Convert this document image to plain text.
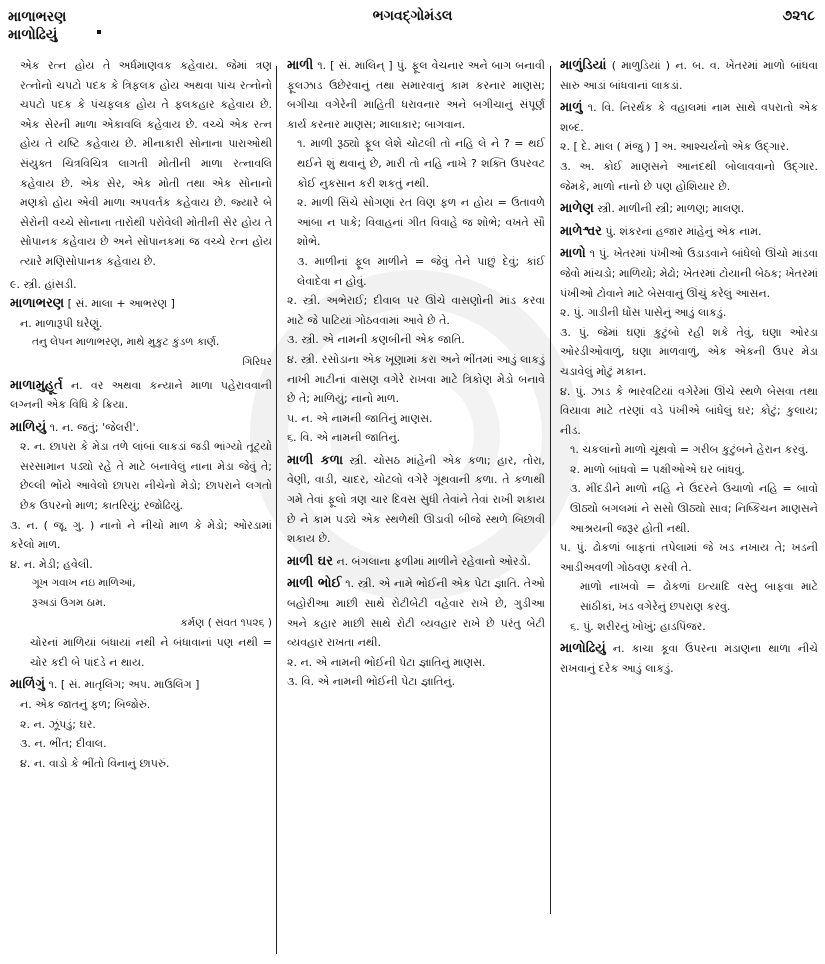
માળાભરણ
માળોઢિયું
ભગવદ્ગોમંડલ	૭૨૧૮

એક રત્ન હોય તે અર્ધમાણવક કહેવાય. જેમાં ત્રણ રત્નોનો ચપટો પદક કે ત્રિફલક હોય અથવા પાંચ રત્નોનો ચપટો પદક કે પંચફલક હોય તે ફલકહાર કહેવાય છે. એક સેરની માળા એકાવલિ કહેવાય છે. વચ્ચે એક રત્ન હોય તે યષ્ટિ કહેવાય છે. મીનાકારી સોનાના પારાઓથી સંયુક્ત ચિત્રવિચિત્ર લાગતી મોતીની માળા રત્નાવલિ કહેવાય છે. એક સેર, એક મોતી તથા એક સોનાનો મણકો હોય એવી માળા અપવર્તક કહેવાય છે. જ્યારે બે સેરોની વચ્ચે સોનાના તારોથી પરોવેલી મોતીની સેર હોય તે સોપાનક કહેવાય છે અને સોપાનકમાં જ વચ્ચે રત્ન હોય ત્યારે મણિસોપાનક કહેવાય છે.

૯. સ્ત્રી. હાંસડી.

માળાભરણ [ સં. માલા + આભરણ ]
ન. માળારૂપી ઘરેણું.
તનુ લેપન માળાભરણ, માથે મુકુટ કુંડળ કાર્ણ.

ગિરિધર

માળામુહૂર્ત ન. વર અથવા કન્યાને માળા પહેરાવવાની લગ્નની એક વિધિ કે ક્રિયા.
માળિયું ૧. ન. જતું; 'જેલરી'.

૨. ન. છાપરા કે મેડા તળે લાંબાં લાકડાં જડી ભાંગ્યો તૂટ્યો સરસામાન પડ્યો રહે તે માટે બનાવેલું નાના મેડા જેવું તે; છેલ્લી ભોંયે આવેલો છાપરા નીચેનો મેડો; છાપરાને લગતો છેક ઉપરનો માળ; કાતરિયું; રજોઢિયું.

૩. ન. ( જૂ. ગુ. ) નાનો ને નીચો માળ કે મેડો; ઓરડામાં કરેલો માળ.

૪. ન. મેડી; હવેલી.

ગૂખ ગવાખ નઇ માળિઆં,
રૂઅડાં ઉગમ ઠામ.

કર્મણ ( સંવત ૧૫૨૬ )

ચોરનાં માળિયાં બંધાયાં નથી ને બંધાવાનાં પણ નથી = ચોર કદી બે પાંદડે ન થાય.

માળિંગું ૧. [ સં. માતૃલિંગ; અપ. માઉલિંગ ]
ન. એક જાતનું ફળ; બિજોરું.
૨. ન. ઝૂંપડું; ઘર.
૩. ન. ભીંત; દીવાલ.
૪. ન. વાડો કે ભીંતો વિનાનું છાપરું.
માળી ૧. [ સં. માલિન્ ] પું. ફૂલ વેચનાર અને બાગ બનાવી ફૂલઝાડ ઉછેરવાનું તથા સમારવાનું કામ કરનાર માણસ; બગીચા વગેરેની માહિતી ધરાવનાર અને બગીચાનું સંપૂર્ણ કાર્ય કરનાર માણસ; માલાકાર; બાગવાન.

૧. માળી રૂઠ્યો ફૂલ લેશે ચોટલી તો નહિ લે ને ? = થઈ થઈને શું થવાનું છે, મારી તો નહિ નાખે ? શક્તિ ઉપરવટ કોઈ નુકસાન કરી શકતું નથી.

૨. માળી સિંચે સોગણાં રત વિણ ફળ ન હોય = ઉતાવળે આંબા ન પાકે; વિવાહનાં ગીત વિવાહે જ શોભે; વખતે સૌ શોભે.

૩. માળીનાં ફૂલ માળીને = જેવું તેને પાછું દેવું; કાંઈ લેવાદેવા ન હોવું.

૨. સ્ત્રી. અભેરાઈ; દીવાલ પર ઊંચે વાસણોની માંડ કરવા માટે જે પાટિયાં ગોઠવવામાં આવે છે તે.

૩. સ્ત્રી. એ નામની કણબીની એક જાતિ.

૪. સ્ત્રી. રસોડાના એક ખૂણામાં કરા અને ભીંતમાં આડું લાકડું નાખી માટીનાં વાસણ વગેરે રાખવા માટે ત્રિકોણ મેડો બનાવે છે તે; માળિયું; નાનો માળ.

૫. ન. એ નામની જાતિનું માણસ.

૬. વિ. એ નામની જાતિનું.

માળી કળા સ્ત્રી. ચોસઠ માંહેની એક કળા; હાર, તોરા, વેણી, વાડી, ચાદર, ચોટલો વગેરે ગૂંથવાની કળા. તે કળાથી ગમે તેવાં ફૂલો ત્રણ ચાર દિવસ સુધી તેવાંને તેવાં રાખી શકાય છે ને કામ પડ્યે એક સ્થળેથી ઊડાવી બીજે સ્થળે બિછાવી શકાય છે.
માળી ઘર ન. બંગલાના ફળીમાં માળીને રહેવાનો ઓરડો.
માળી ભોઈ ૧. સ્ત્રી. એ નામે ભોઈની એક પેટા જ્ઞાતિ. તેઓ બહોરીઆ માછી સાથે રોટીબેટી વહેવાર રાખે છે, ગુડીઆ અને કહાર માછી સાથે રોટી વ્યવહાર રાખે છે પરંતુ બેટી વ્યવહાર રાખતા નથી.

૨. ન. એ નામની ભોઈની પેટા જ્ઞાતિનું માણસ.

૩. વિ. એ નામની ભોઈની પેટા જ્ઞાતિનું.

માળુંડિયાં ( માળુડિયાં ) ન. બ. વ. ખેતરમાં માળો બાંધવા સારુ આડાં બાંધવાનાં લાકડાં.
માળું ૧. વિ. નિરર્થક કે વહાલમાં નામ સાથે વપરાતો એક શબ્દ.

૨. [ દે. માલ ( મંજુ ) ] અ. આશ્ચર્યનો એક ઉદ્ગાર.

૩. અ. કોઈ માણસને આનંદથી બોલાવવાનો ઉદ્ગાર. જેમકે, માળો નાનો છે પણ હોશિયાર છે.

માળેણ સ્ત્રી. માળીની સ્ત્રી; માળણ; માલણ.
માળેશ્વર પું. શંકરનાં હજાર માંહેનું એક નામ.
માળો ૧ પું. ખેતરમાં પંખીઓ ઉડાડવાને બાંધેલો ઊંચો માંડવા જેવો માંચડો; માળિયો; મેઢો; ખેતરમાં ટોયાની બેઠક; ખેતરમાં પંખીઓ ટોવાને માટે બેસવાનું ઊંચું કરેલું આસન.

૨. પું. ગાડીની ધોંસ પાસેનું આડું લાકડું.

૩. પું. જેમાં ઘણાં કુટુંબો રહી શકે તેવું, ઘણા ઓરડા ઓરડીઓવાળું, ઘણા માળવાળું, એક એકની ઉપર મેડા ચડાવેલું મોટું મકાન.

૪. પું. ઝાડ કે ભારવટિયાં વગેરેમાં ઊંચે સ્થળે બેસવા તથા વિયાવા માટે તરણાં વડે પંખીએ બાંધેલું ઘર; કોટું; કુલાય; નીડ.

૧. ચકલાંનો માળો ચૂંથવો = ગરીબ કુટુંબને હેરાન કરવું.

૨. માળો બાંધવો = પક્ષીઓએ ઘર બાંધવું.

૩. મીંદડીને માળો નહિ ને ઉંદરને ઉચાળો નહિ = બાવો ઊઠ્યો બગલમાં ને સસો ઊઠ્યો સાવ; નિષ્કિંચન માણસને આશ્રયની જરૂર હોતી નથી.

૫. પું. ઢોકળાં બાફતાં તપેલામાં જે ખડ નખાય તે; ખડની આડીઅવળી ગોઠવણ કરવી તે.

માળો નાખવો = ઢોકળાં ઇત્યાદિ વસ્તુ બાફવા માટે સાંઠીકાં, ખડ વગેરેનું છપરાણ કરવું.

૬. પું. શરીરનું ખોખું; હાડપિંજર.

માળોઢિયું ન. કાચા કૂવા ઉપરના મંડાણના થાળા નીચે રાખવાનું દરેક આડું લાકડું.
